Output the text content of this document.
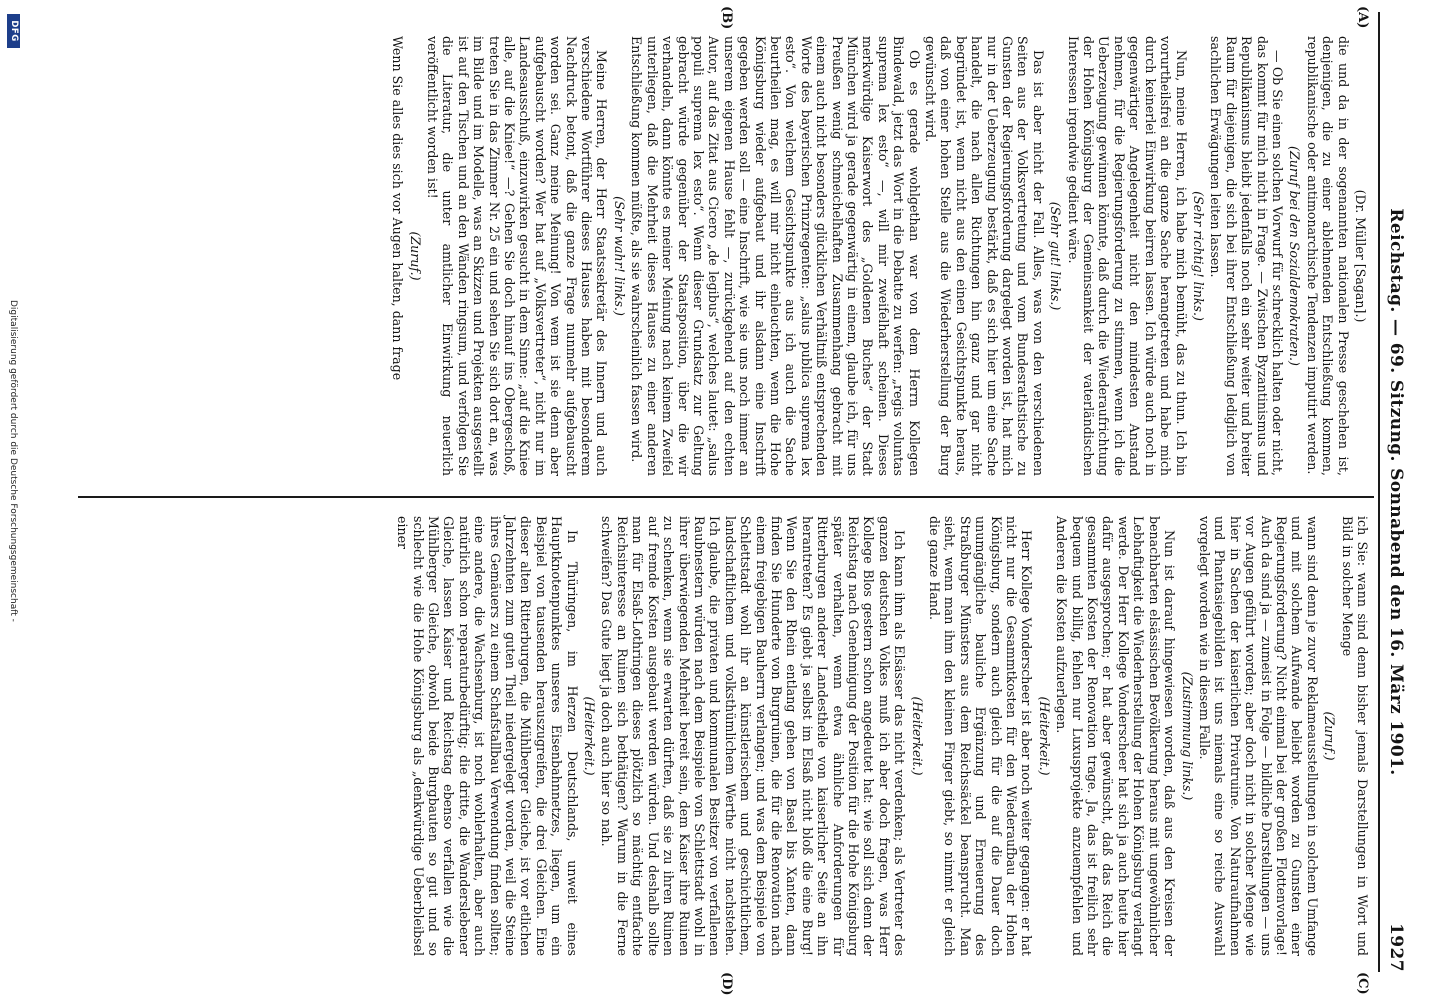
Reichstag. — 69. Sitzung. Sonnabend den 16. März 1901.
1927

(Dr. Müller [Sagan].)

die und da in der sogenannten nationalen Presse geschehen ist, denjenigen, die zu einer ablehnenden Entschließung kommen, republikanische oder antimonarchische Tendenzen imputirt werden.

(Zuruf bei den Sozialdemokraten.)

— Ob Sie einen solchen Vorwurf für schrecklich halten oder nicht, das kommt für mich nicht in Frage. — Zwischen Byzantinismus und Republikanismus bleibt jedenfalls noch ein sehr weiter und breiter Raum für diejenigen, die sich bei ihrer Entschließung lediglich von sachlichen Erwägungen leiten lassen.

(Sehr richtig! links.)

Nun, meine Herren, ich habe mich bemüht, das zu thun. Ich bin vorurtheilsfrei an die ganze Sache herangetreten und habe mich durch keinerlei Einwirkung beirren lassen. Ich würde auch noch in gegenwärtiger Angelegenheit nicht den mindesten Anstand nehmen, für die Regierungsforderung zu stimmen, wenn ich die Ueberzeugung gewinnen könnte, daß durch die Wiederaufrichtung der Hohen Königsburg der Gemeinsamkeit der vaterländischen Interessen irgendwie gedient wäre.

(Sehr gut! links.)

Das ist aber nicht der Fall. Alles, was von den verschiedenen Seiten aus der Volksvertretung und vom Bundesrathstische zu Gunsten der Regierungsforderung dargelegt worden ist, hat mich nur in der Ueberzeugung bestärkt, daß es sich hier um eine Sache handelt, die nach allen Richtungen hin ganz und gar nicht begründet ist, wenn nicht aus den einen Gesichtspunkte heraus, daß von einer hohen Stelle aus die Wiederherstellung der Burg gewünscht wird.

Ob es gerade wohlgethan war von dem Herrn Kollegen Bindewald, jetzt das Wort in die Debatte zu werfen: „regis voluntas suprema lex esto“ —, will mir zweifelhaft scheinen. Dieses merkwürdige Kaiserwort des „Goldenen Buches“ der Stadt München wird ja gerade gegenwärtig in einem, glaube ich, für uns Preußen wenig schmeichelhaften Zusammenhang gebracht mit einem auch nicht besonders glücklichen Verhältniß entsprechenden Worte des bayerischen Prinzregenten: „salus publica suprema lex esto“. Von welchem Gesichtspunkte aus ich auch die Sache beurtheilen mag, es will mir nicht einleuchten, wenn die Hohe Königsburg wieder aufgebaut und ihr alsdann eine Inschrift gegeben werden soll — eine Inschrift, wie sie uns noch immer an unserem eigenen Hause fehlt —, zurückgehend auf den echten Autor, auf das Zitat aus Cicero „de legibus“, welches lautet: „salus populi suprema lex esto“. Wenn dieser Grundsatz zur Geltung gebracht würde gegenüber der Staatsposition, über die wir verhandeln, dann könnte es meiner Meinung nach keinem Zweifel unterliegen, daß die Mehrheit dieses Hauses zu einer anderen Entschließung kommen müßte, als sie wahrscheinlich fassen wird.

(Sehr wahr! links.)

Meine Herren, der Herr Staatssekretär des Innern und auch verschiedene Wortführer dieses Hauses haben mit besonderem Nachdruck betont, daß die ganze Frage nunmehr aufgebauscht worden sei. Ganz meine Meinung! Von wem ist sie denn aber aufgebauscht worden? Wer hat auf „Volksvertreter“, nicht nur im Landesausschuß, einzuwirken gesucht in dem Sinne: „auf die Kniee alle, auf die Kniee!“ —? Gehen Sie doch hinauf ins Obergeschoß, treten Sie in das Zimmer Nr. 25 ein und sehen Sie sich dort an, was im Bilde und im Modelle, was an Skizzen und Projekten ausgestellt ist auf den Tischen und an den Wänden ringsum, und verfolgen Sie die Literatur, die unter amtlicher Einwirkung neuerlich veröffentlicht worden ist!

(Zuruf.)

Wenn Sie alles dies sich vor Augen halten, dann frage

ich Sie: wann sind denn bisher jemals Darstellungen in Wort und Bild in solcher Menge

(Zuruf.)

wann sind denn je zuvor Reklameausstellungen in solchem Umfange und mit solchem Aufwande beliebt worden zu Gunsten einer Regierungsforderung? Nicht einmal bei der großen Flottenvorlage! Auch da sind ja — zumeist in Folge — bildliche Darstellungen — uns vor Augen geführt worden; aber doch nicht in solcher Menge wie hier in Sachen der kaiserlichen Privatruine. Von Naturaufnahmen und Phantasiegebilden ist uns niemals eine so reiche Auswahl vorgelegt worden wie in diesem Falle.

(Zustimmung links.)

Nun ist darauf hingewiesen worden, daß aus den Kreisen der benachbarten elsässischen Bevölkerung heraus mit ungewöhnlicher Lebhaftigkeit die Wiederherstellung der Hohen Königsburg verlangt werde. Der Herr Kollege Vonderscheer hat sich ja auch heute hier dafür ausgesprochen; er hat aber gewünscht, daß das Reich die gesammten Kosten der Renovation trage. Ja, das ist freilich sehr bequem und billig, fehlen nur Luxusprojekte anzuempfehlen und Anderen die Kosten aufzuerlegen.

(Heiterkeit.)

Herr Kollege Vonderscheer ist aber noch weiter gegangen: er hat nicht nur die Gesammtkosten für den Wiederaufbau der Hohen Königsburg, sondern auch gleich für die auf die Dauer doch unumgängliche bauliche Ergänzung und Erneuerung des Straßburger Münsters aus dem Reichssäckel beansprucht. Man sieht, wenn man ihm den kleinen Finger giebt, so nimmt er gleich die ganze Hand.

(Heiterkeit.)

Ich kann ihm als Elsässer das nicht verdenken; als Vertreter des ganzen deutschen Volkes muß ich aber doch fragen, was Herr Kollege Blos gestern schon angedeutet hat: wie soll sich denn der Reichstag nach Genehmigung der Position für die Hohe Königsburg später verhalten, wenn etwa ähnliche Anforderungen für Ritterburgen anderer Landestheile von kaiserlicher Seite an ihn herantreten? Es giebt ja selbst im Elsaß nicht bloß die eine Burg! Wenn Sie den Rhein entlang gehen von Basel bis Xanten, dann finden Sie Hunderte von Burgruinen, die für die Renovation nach einem freigebigen Bauherrn verlangen; und was dem Beispiele von Schlettstadt wohl ihr an künstlerischem und geschichtlichem, landschaftlichem und volksthümlichem Werthe nicht nachstehen. Ich glaube, die privaten und kommunalen Besitzer von verfallenen Raubnestern würden nach dem Beispiele von Schlettstadt wohl in ihrer überwiegenden Mehrheit bereit sein, dem Kaiser ihre Ruinen zu schenken, wenn sie erwarten dürften, daß sie zu ihren Ruinen auf fremde Kosten ausgebaut werden würden. Und deshalb sollte man für Elsaß-Lothringen dieses plötzlich so mächtig entfachte Reichsinteresse an Ruinen sich bethätigen? Warum in die Ferne schweifen? Das Gute liegt ja doch auch hier so nah.

(Heiterkeit.)

In Thüringen, im Herzen Deutschlands, unweit eines Hauptknotenpunktes unseres Eisenbahnnetzes, liegen, um ein Beispiel von tausenden herauszugreifen, die drei Gleichen. Eine dieser alten Ritterburgen, die Mühlberger Gleiche, ist vor etlichen Jahrzehnten zum guten Theil niedergelegt worden, weil die Steine ihres Gemäuers zu einem Schafstallbau Verwendung finden sollten; eine andere, die Wachsenburg, ist noch wohlerhalten, aber auch natürlich schon reparaturbedürftig; die dritte, die Wanderslebener Gleiche, lassen Kaiser und Reichstag ebenso verfallen wie die Mühlberger Gleiche, obwohl beide Burgbauten so gut und so schlecht wie die Hohe Königsburg als „denkwürdige Ueberbleibsel einer

(A)
(B)
(C)
(D)
DFG
Digitalisierung gefördert durch die Deutsche Forschungsgemeinschaft -
